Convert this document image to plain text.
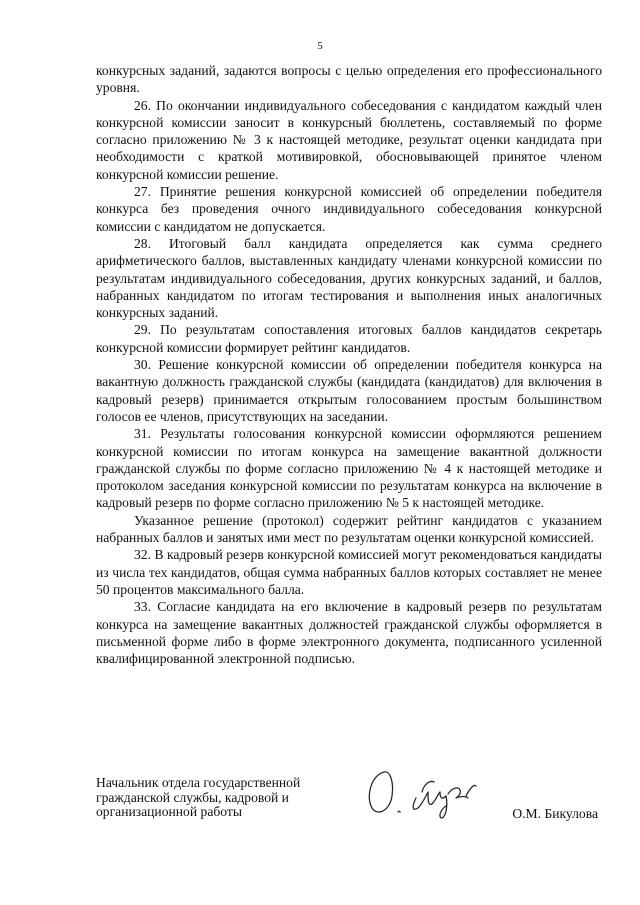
5

конкурсных заданий, задаются вопросы с целью определения его профессионального уровня.

26. По окончании индивидуального собеседования с кандидатом каждый член конкурсной комиссии заносит в конкурсный бюллетень, составляемый по форме согласно приложению № 3 к настоящей методике, результат оценки кандидата при необходимости с краткой мотивировкой, обосновывающей принятое членом конкурсной комиссии решение.

27. Принятие решения конкурсной комиссией об определении победителя конкурса без проведения очного индивидуального собеседования конкурсной комиссии с кандидатом не допускается.

28. Итоговый балл кандидата определяется как сумма среднего арифметического баллов, выставленных кандидату членами конкурсной комиссии по результатам индивидуального собеседования, других конкурсных заданий, и баллов, набранных кандидатом по итогам тестирования и выполнения иных аналогичных конкурсных заданий.

29. По результатам сопоставления итоговых баллов кандидатов секретарь конкурсной комиссии формирует рейтинг кандидатов.

30. Решение конкурсной комиссии об определении победителя конкурса на вакантную должность гражданской службы (кандидата (кандидатов) для включения в кадровый резерв) принимается открытым голосованием простым большинством голосов ее членов, присутствующих на заседании.

31. Результаты голосования конкурсной комиссии оформляются решением конкурсной комиссии по итогам конкурса на замещение вакантной должности гражданской службы по форме согласно приложению № 4 к настоящей методике и протоколом заседания конкурсной комиссии по результатам конкурса на включение в кадровый резерв по форме согласно приложению № 5 к настоящей методике.

Указанное решение (протокол) содержит рейтинг кандидатов с указанием набранных баллов и занятых ими мест по результатам оценки конкурсной комиссией.

32. В кадровый резерв конкурсной комиссией могут рекомендоваться кандидаты из числа тех кандидатов, общая сумма набранных баллов которых составляет не менее 50 процентов максимального балла.

33. Согласие кандидата на его включение в кадровый резерв по результатам конкурса на замещение вакантных должностей гражданской службы оформляется в письменной форме либо в форме электронного документа, подписанного усиленной квалифицированной электронной подписью.

Начальник отдела государственной
гражданской службы, кадровой и
организационной работы	О.М. Бикулова
